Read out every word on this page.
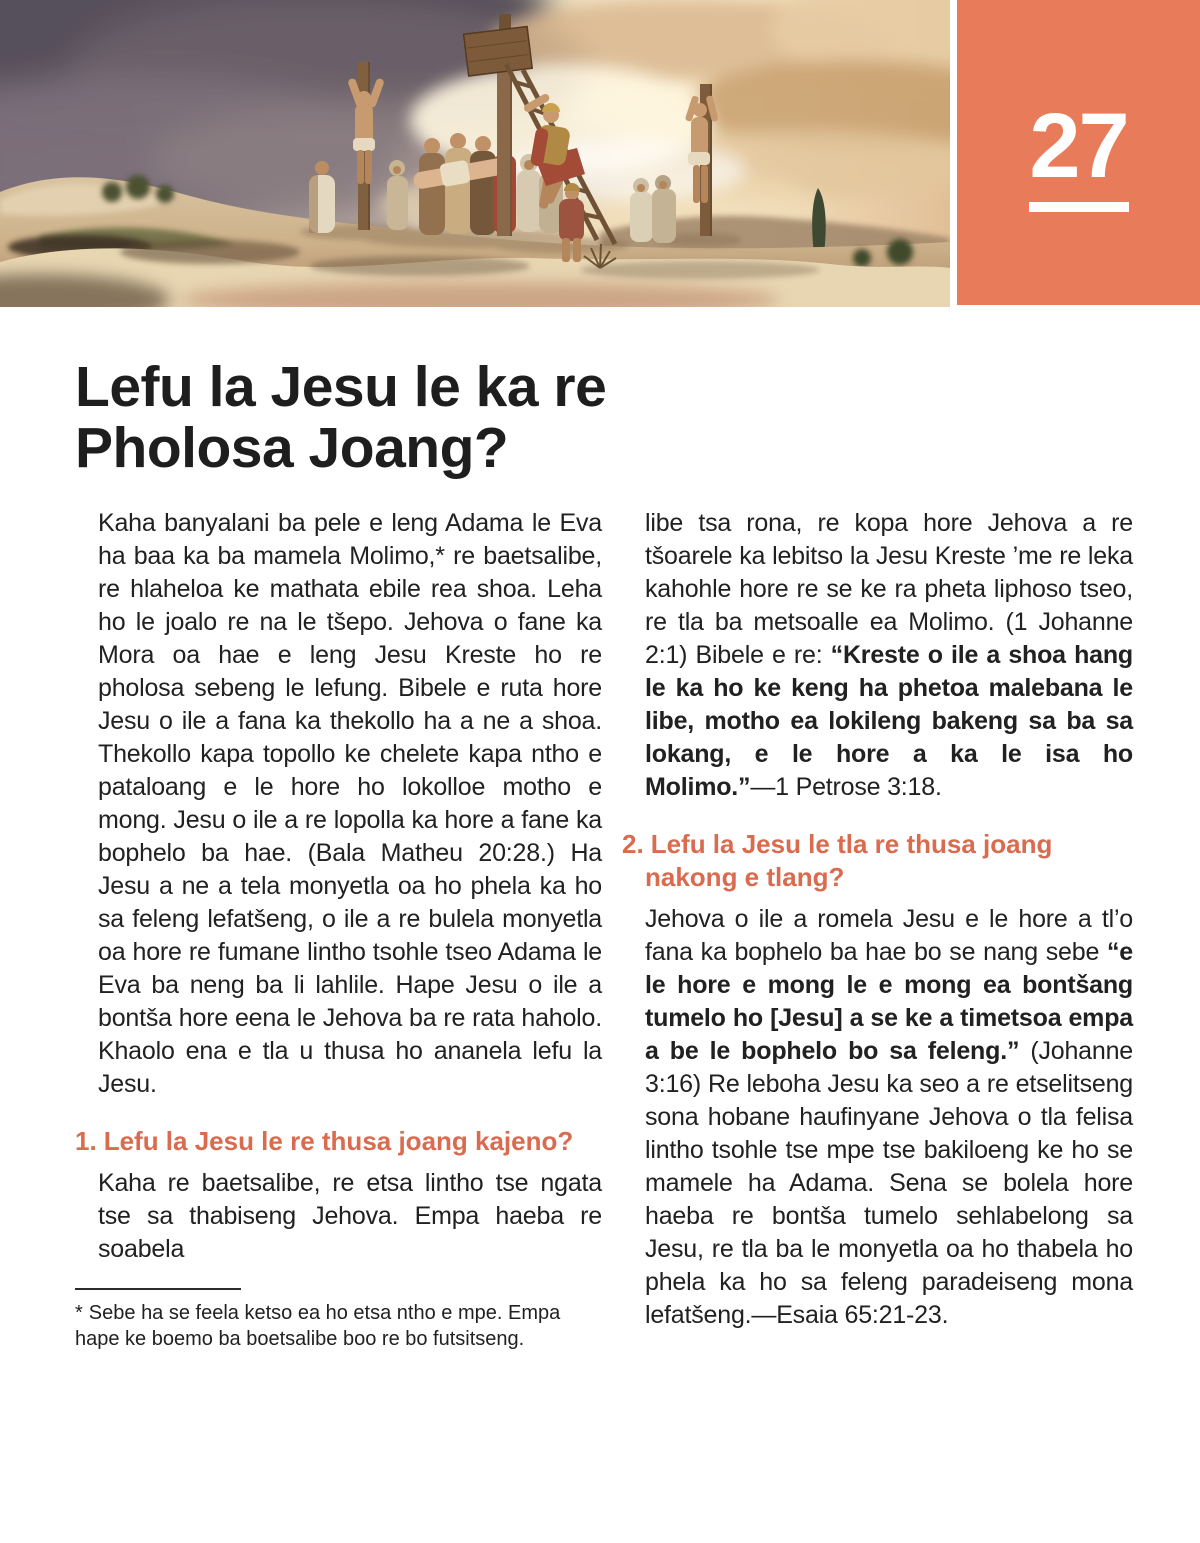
27
Lefu la Jesu le ka re
Pholosa Joang?

Kaha banyalani ba pele e leng Adama le Eva ha baa ka ba mamela Molimo,* re baetsalibe, re hlaheloa ke mathata ebile rea shoa. Leha ho le joalo re na le tšepo. Jehova o fane ka Mora oa hae e leng Jesu Kreste ho re pholosa sebeng le lefung. Bibele e ruta hore Jesu o ile a fana ka thekollo ha a ne a shoa. Thekollo kapa topollo ke chelete kapa ntho e pataloang e le hore ho lokolloe motho e mong. Jesu o ile a re lopolla ka hore a fane ka bophelo ba hae. (Bala Matheu 20:28.) Ha Jesu a ne a tela monyetla oa ho phela ka ho sa feleng lefatšeng, o ile a re bulela monyetla oa hore re fumane lintho tsohle tseo Adama le Eva ba neng ba li lahlile. Hape Jesu o ile a bontša hore eena le Jehova ba re rata haholo. Khaolo ena e tla u thusa ho ananela lefu la Jesu.

1. Lefu la Jesu le re thusa joang kajeno?

Kaha re baetsalibe, re etsa lintho tse ngata tse sa thabiseng Jehova. Empa haeba re soabela

* Sebe ha se feela ketso ea ho etsa ntho e mpe. Empa hape ke boemo ba boetsalibe boo re bo futsitseng.

libe tsa rona, re kopa hore Jehova a re tšoarele ka lebitso la Jesu Kreste ’me re leka kahohle hore re se ke ra pheta liphoso tseo, re tla ba metsoalle ea Molimo. (1 Johanne 2:1) Bibele e re: “Kreste o ile a shoa hang le ka ho ke keng ha phetoa malebana le libe, motho ea lokileng bakeng sa ba sa lokang, e le hore a ka le isa ho Molimo.”—1 Petrose 3:18.

2. Lefu la Jesu le tla re thusa joang nakong e tlang?

Jehova o ile a romela Jesu e le hore a tl’o fana ka bophelo ba hae bo se nang sebe “e le hore e mong le e mong ea bontšang tumelo ho [Jesu] a se ke a timetsoa empa a be le bophelo bo sa feleng.” (Johanne 3:16) Re leboha Jesu ka seo a re etselitseng sona hobane haufinyane Jehova o tla felisa lintho tsohle tse mpe tse bakiloeng ke ho se mamele ha Adama. Sena se bolela hore haeba re bontša tumelo sehlabelong sa Jesu, re tla ba le monyetla oa ho thabela ho phela ka ho sa feleng paradeiseng mona lefatšeng.—Esaia 65:21-23.
